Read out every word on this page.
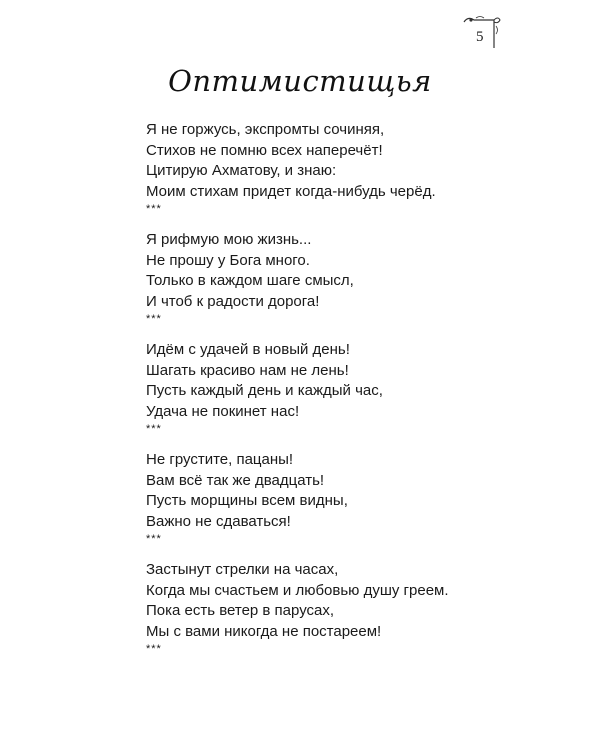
5
Оптимистищья
Я не горжусь, экспромты сочиняя,
Стихов не помню всех наперечёт!
Цитирую Ахматову, и знаю:
Моим стихам придет когда-нибудь черёд.
***
Я рифмую мою жизнь...
Не прошу у Бога много.
Только в каждом шаге смысл,
И чтоб к радости дорога!
***
Идём с удачей в новый день!
Шагать красиво нам не лень!
Пусть каждый день и каждый час,
Удача не покинет нас!
***
Не грустите, пацаны!
Вам всё так же двадцать!
Пусть морщины всем видны,
Важно не сдаваться!
***
Застынут стрелки на часах,
Когда мы счастьем и любовью душу греем.
Пока есть ветер в парусах,
Мы с вами никогда не постареем!
***
